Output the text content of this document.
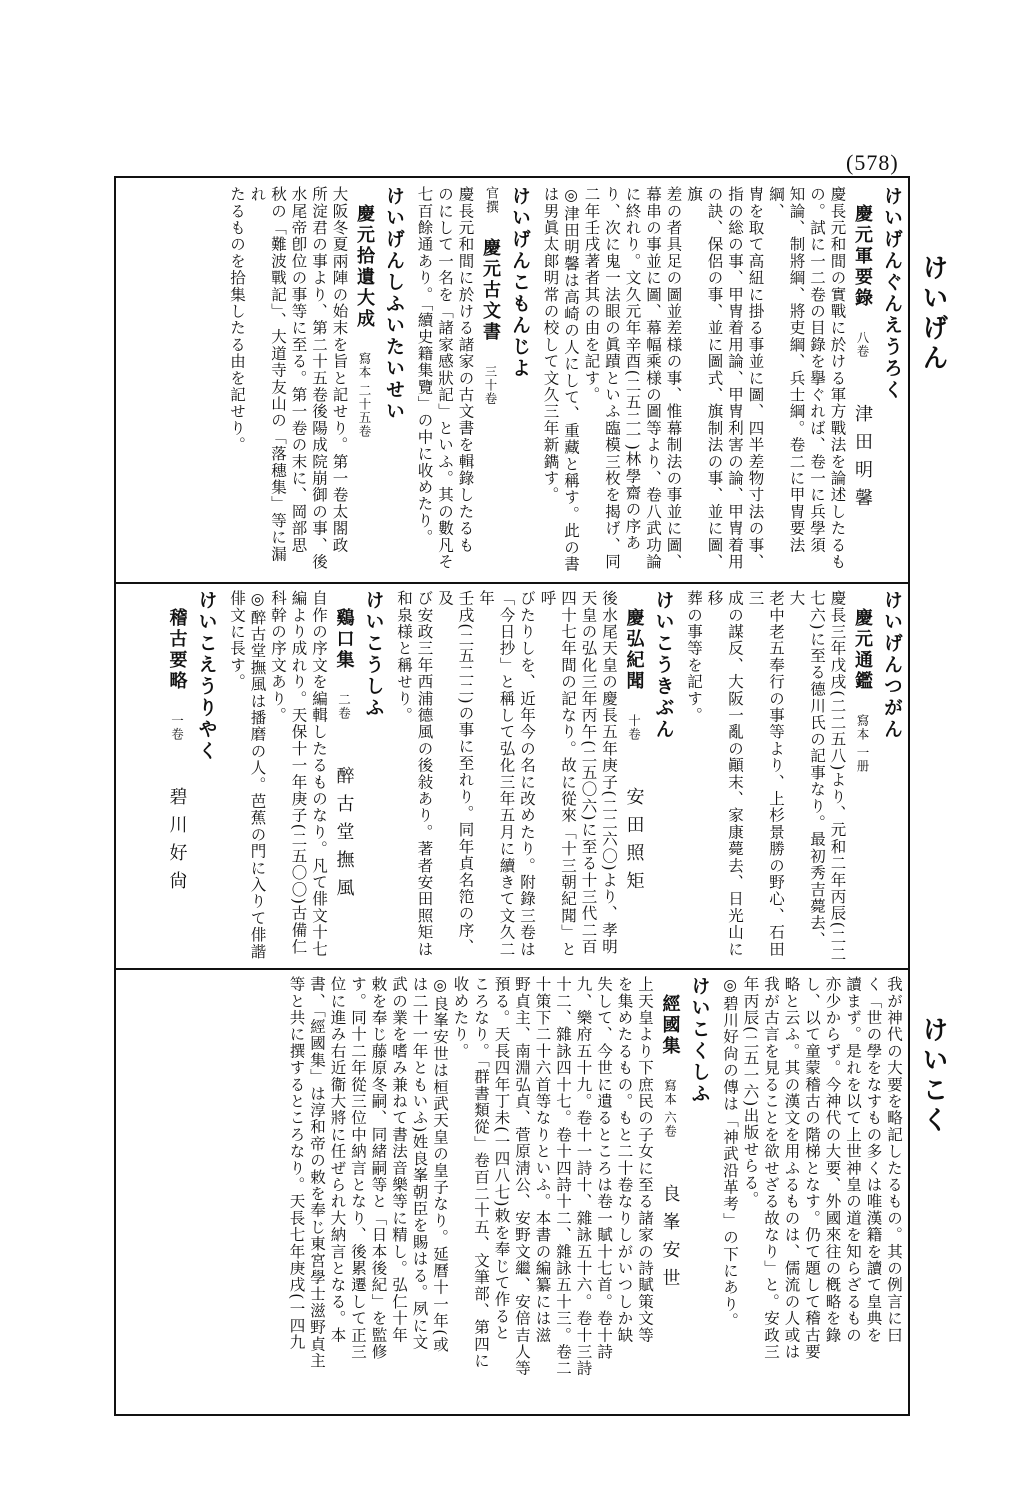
(578)
けいげん
けいこく
けいげんぐんえうろく
慶元軍要錄 八卷 津田明馨
慶長元和間の實戰に於ける軍方戰法を論述したるもの。試に一二卷の目錄を擧ぐれば、卷一に兵學須
知論、制將綱、將吏綱、兵士綱。卷二に甲冑要法綱、
冑を取て高紐に掛る事並に圖、四半差物寸法の事、
指の総の事、甲冑着用論、甲冑利害の論、甲冑着用
の訣、保侶の事、並に圖式、旗制法の事、並に圖、旗
差の者具足の圖並差様の事、惟幕制法の事並に圖、
幕串の事並に圖、幕幅乘様の圖等より、卷八武功論
に終れり。文久元年辛酉(二五二一)林學齋の序あ
り、次に鬼一法眼の眞蹟といふ臨模三枚を揭げ、同
二年壬戌著者其の由を記す。
◎津田明馨は高崎の人にして、重藏と稱す。此の書
は男眞太郞明常の校して文久三年新鐫す。
けいげんこもんじよ
官撰 慶元古文書 三十卷
慶長元和間に於ける諸家の古文書を輯錄したるも
のにして一名を「諸家感狀記」といふ。其の數凡そ
七百餘通あり。「續史籍集覽」の中に收めたり。
けいげんしふいたいせい
慶元拾遺大成 寫本 二十五卷
大阪冬夏兩陣の始末を旨と記せり。第一卷太閤政
所淀君の事より、第二十五卷後陽成院崩御の事、後
水尾帝卽位の事等に至る。第一卷の末に、岡部思
秋の「難波戰記」、大道寺友山の「落穗集」等に漏れ
たるものを拾集したる由を記せり。
けいげんつがん
慶元通鑑 寫本 一册
慶長三年戊戌(二二五八)より、元和二年丙辰(二二
七六)に至る德川氏の記事なり。最初秀吉薨去、大
老中老五奉行の事等より、上杉景勝の野心、石田三
成の謀反、大阪一亂の顚末、家康薨去、日光山に移
葬の事等を記す。
けいこうきぶん
慶弘紀聞 十卷 安田照矩
後水尾天皇の慶長五年庚子(二二六〇)より、孝明
天皇の弘化三年丙午(二五〇六)に至る十三代二百
四十七年間の記なり。故に從來「十三朝紀聞」と呼
びたりしを、近年今の名に改めたり。附錄三卷は
「今日抄」と稱して弘化三年五月に續きて文久二年
壬戌(二五二二)の事に至れり。同年貞名笵の序、及
び安政三年西浦德風の後敍あり。著者安田照矩は
和泉様と稱せり。
けいこうしふ
鷄口集 二卷 醉古堂撫風
自作の序文を編輯したるものなり。凡て俳文十七
編より成れり。天保十一年庚子(二五〇〇)古備仁
科幹の序文あり。
◎醉古堂撫風は播磨の人。芭蕉の門に入りて俳諧
俳文に長す。
けいこえうりやく
稽古要略 一卷 碧川好尙
我が神代の大要を略記したるもの。其の例言に曰
く「世の學をなすもの多くは唯漢籍を讀て皇典を
讀まず。是れを以て上世神皇の道を知らざるもの
亦少からず。今神代の大要、外國來往の槪略を錄
し、以て童蒙稽古の階梯となす。仍て題して稽古要
略と云ふ。其の漢文を用ふるものは、儒流の人或は
我が古言を見ることを欲せざる故なり」と。安政三
年丙辰(二五一六)出版せらる。
◎碧川好尙の傳は「神武沿革考」の下にあり。
けいこくしふ
經國集 寫本 六卷 良峯安世
上天皇より下庶民の子女に至る諸家の詩賦策文等
を集めたるもの。もと二十卷なりしがいつしか缺
失して、今世に遺るところは卷一賦十七首。卷十詩
九、樂府五十九。卷十一詩十、雜詠五十六。卷十三詩
十二、雜詠四十七。卷十四詩十二、雜詠五十三。卷二
十策下二十六首等なりといふ。本書の編纂には滋
野貞主、南淵弘貞、菅原淸公、安野文繼、安倍吉人等
預る。天長四年丁未(一四八七)敕を奉じて作ると
ころなり。「群書類從」卷百二十五、文筆部、第四に
收めたり。
◎良峯安世は桓武天皇の皇子なり。延曆十一年(或
は二十一年ともいふ)姓良峯朝臣を賜はる。夙に文
武の業を嗜み兼ねて書法音樂等に精し。弘仁十年
敕を奉じ藤原冬嗣、同緒嗣等と「日本後紀」を監修
す。同十二年從三位中納言となり、後累遷して正三
位に進み右近衞大將に任ぜられ大納言となる。本
書、「經國集」は淳和帝の敕を奉じ東宮學士滋野貞主
等と共に撰するところなり。天長七年庚戌(一四九
